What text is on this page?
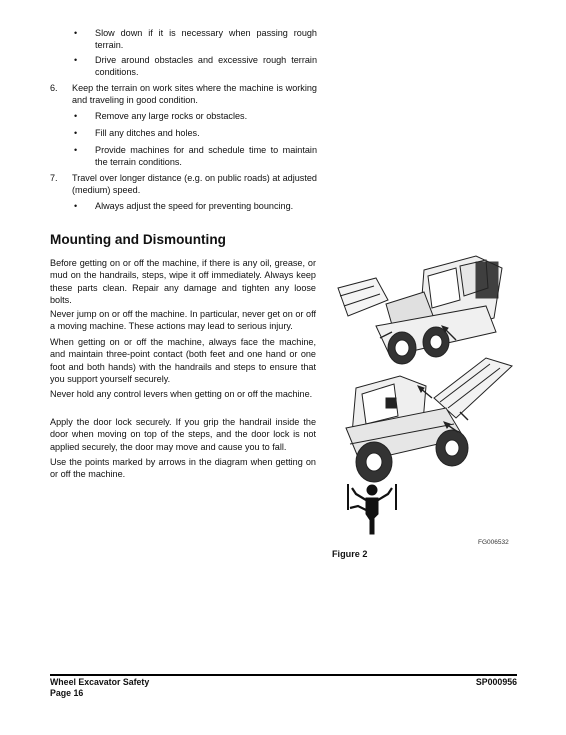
• Slow down if it is necessary when passing rough terrain.
• Drive around obstacles and excessive rough terrain conditions.
6. Keep the terrain on work sites where the machine is working and traveling in good condition.
• Remove any large rocks or obstacles.
• Fill any ditches and holes.
• Provide machines for and schedule time to maintain the terrain conditions.
7. Travel over longer distance (e.g. on public roads) at adjusted (medium) speed.
• Always adjust the speed for preventing bouncing.
Mounting and Dismounting
Before getting on or off the machine, if there is any oil, grease, or mud on the handrails, steps, wipe it off immediately. Always keep these parts clean. Repair any damage and tighten any loose bolts.
Never jump on or off the machine. In particular, never get on or off a moving machine. These actions may lead to serious injury.
When getting on or off the machine, always face the machine, and maintain three-point contact (both feet and one hand or one foot and both hands) with the handrails and steps to ensure that you support yourself securely.
Never hold any control levers when getting on or off the machine.
Apply the door lock securely. If you grip the handrail inside the door when moving on top of the steps, and the door lock is not applied securely, the door may move and cause you to fall.
Use the points marked by arrows in the diagram when getting on or off the machine.
FG006532
Figure 2
Wheel Excavator Safety
Page 16
SP000956
